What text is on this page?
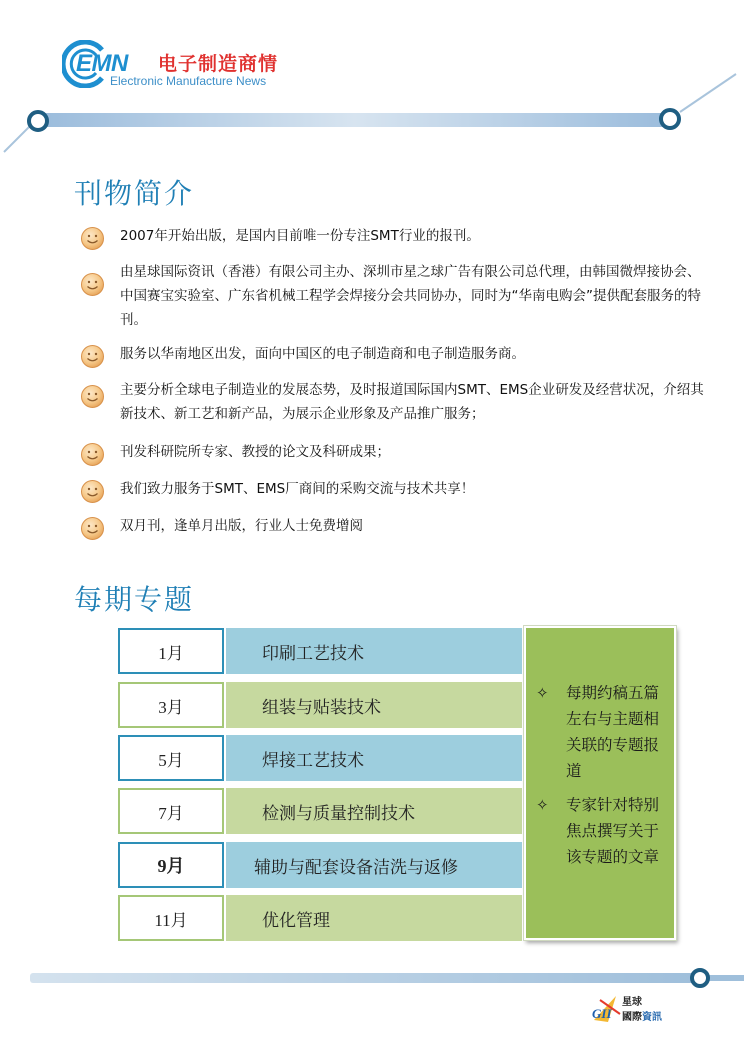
EMN 电子制造商情
Electronic Manufacture News
刊物简介
2007年开始出版，是国内目前唯一份专注SMT行业的报刊。
由星球国际资讯（香港）有限公司主办、深圳市星之球广告有限公司总代理，由韩国微焊接协会、中国赛宝实验室、广东省机械工程学会焊接分会共同协办，同时为“华南电购会”提供配套服务的特刊。
服务以华南地区出发，面向中国区的电子制造商和电子制造服务商。
主要分析全球电子制造业的发展态势，及时报道国际国内SMT、EMS企业研发及经营状况，介绍其新技术、新工艺和新产品，为展示企业形象及产品推广服务；
刊发科研院所专家、教授的论文及科研成果；
我们致力服务于SMT、EMS厂商间的采购交流与技术共享！
双月刊，逢单月出版，行业人士免费增阅
每期专题
1月	印刷工艺技术
3月	组装与贴装技术
5月	焊接工艺技术
7月	检测与质量控制技术
9月	辅助与配套设备洁洗与返修
11月	优化管理
✧ 每期约稿五篇左右与主题相关联的专题报道
✧ 专家针对特别焦点撰写关于该专题的文章
GII
星球
國際資訊
